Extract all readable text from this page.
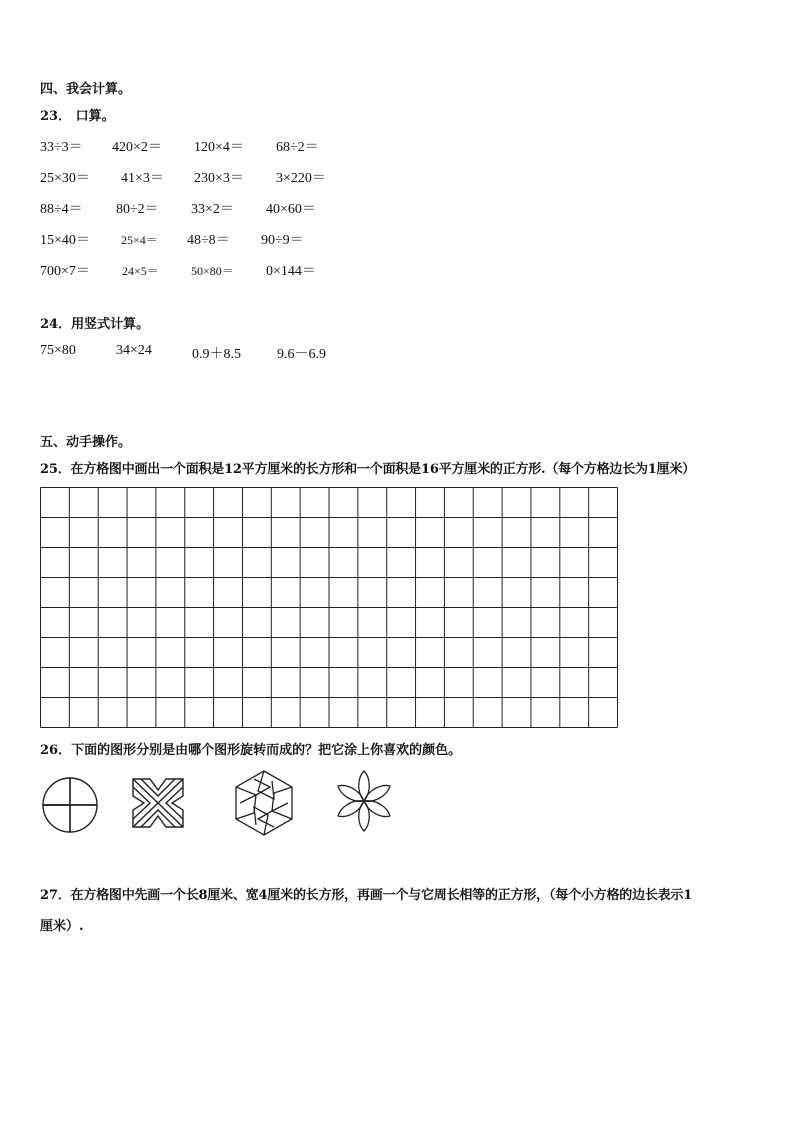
四、我会计算。
23． 口算。
33÷3＝ 420×2＝ 120×4＝ 68÷2＝
25×30＝ 41×3＝ 230×3＝ 3×220＝
88÷4＝ 80÷2＝ 33×2＝ 40×60＝
15×40＝	25×4＝ 48÷8＝ 90÷9＝
700×7＝	24×5＝	50×80＝ 0×144＝
24．用竖式计算。
75×80	34×24	0.9＋8.5	9.6－6.9
五、动手操作。
25．在方格图中画出一个面积是12平方厘米的长方形和一个面积是16平方厘米的正方形.（每个方格边长为1厘米）
26．下面的图形分别是由哪个图形旋转而成的？把它涂上你喜欢的颜色。
27．在方格图中先画一个长8厘米、宽4厘米的长方形，再画一个与它周长相等的正方形，（每个小方格的边长表示1
厘米）.
